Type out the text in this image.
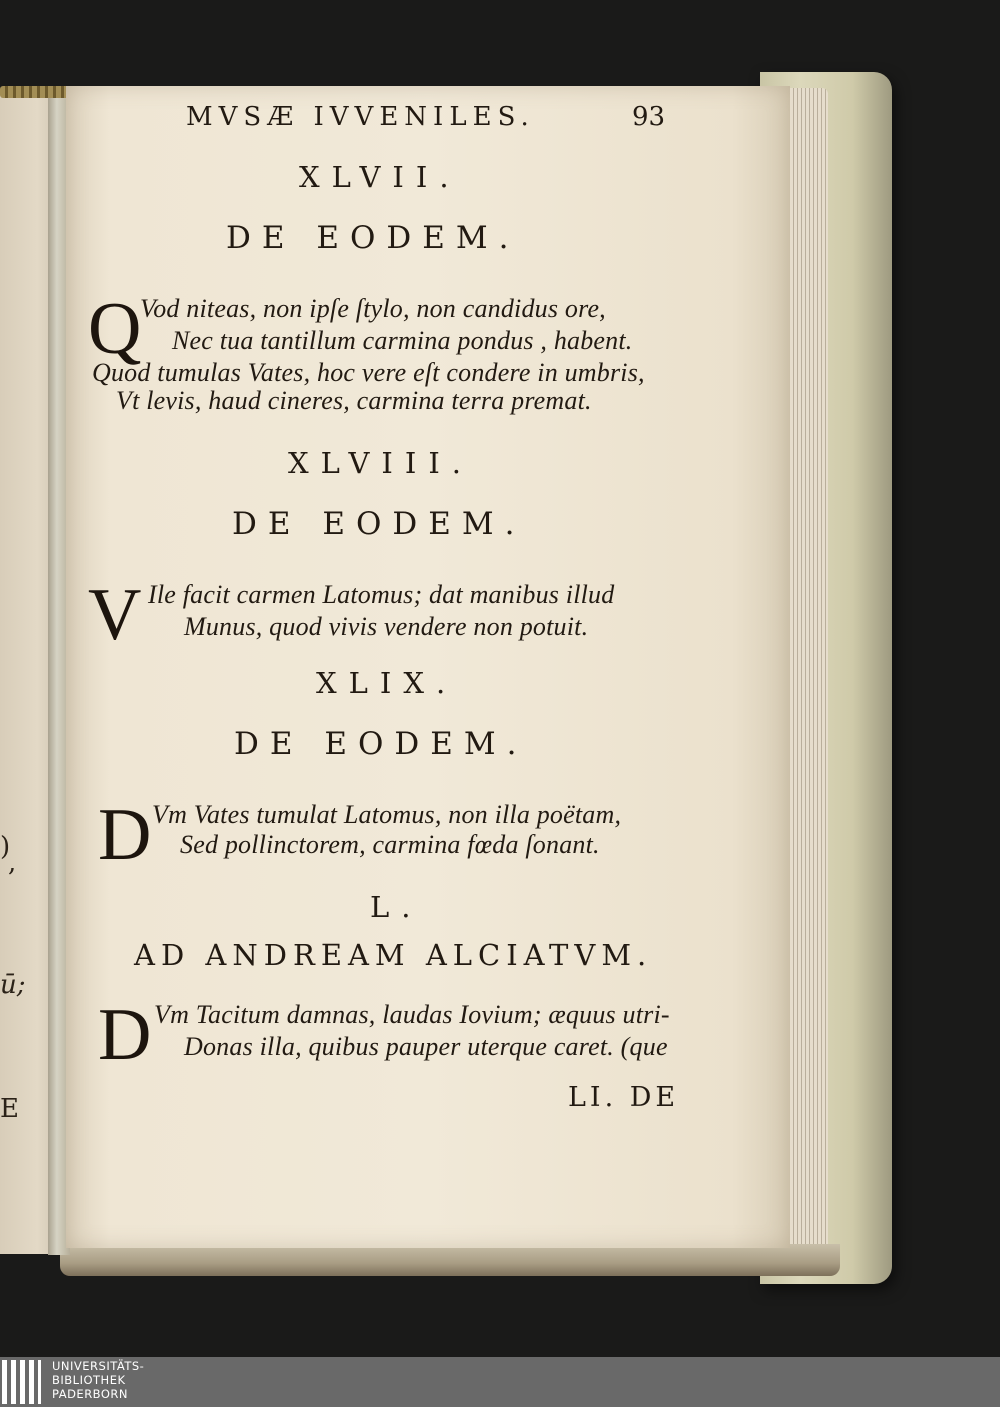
)
,
ū;
E
MVSÆ IVVENILES.	93
XLVII.
DE EODEM.
Q
Vod niteas, non ipſe ſtylo, non candidus ore,
Nec tua tantillum carmina pondus , habent.
Quod tumulas Vates, hoc vere eſt condere in umbris,
Vt levis, haud cineres, carmina terra premat.
XLVIII.
DE EODEM.
V Ile facit carmen Latomus; dat manibus illud
Munus, quod vivis vendere non potuit.
XLIX.
DE EODEM.
D Vm Vates tumulat Latomus, non illa poëtam,
Sed pollinctorem, carmina fœda ſonant.
L.
AD ANDREAM ALCIATVM.
D Vm Tacitum damnas, laudas Iovium; æquus utri-
Donas illa, quibus pauper uterque caret. (que
LI. DE
UNIVERSITÄTS-
BIBLIOTHEK
PADERBORN
